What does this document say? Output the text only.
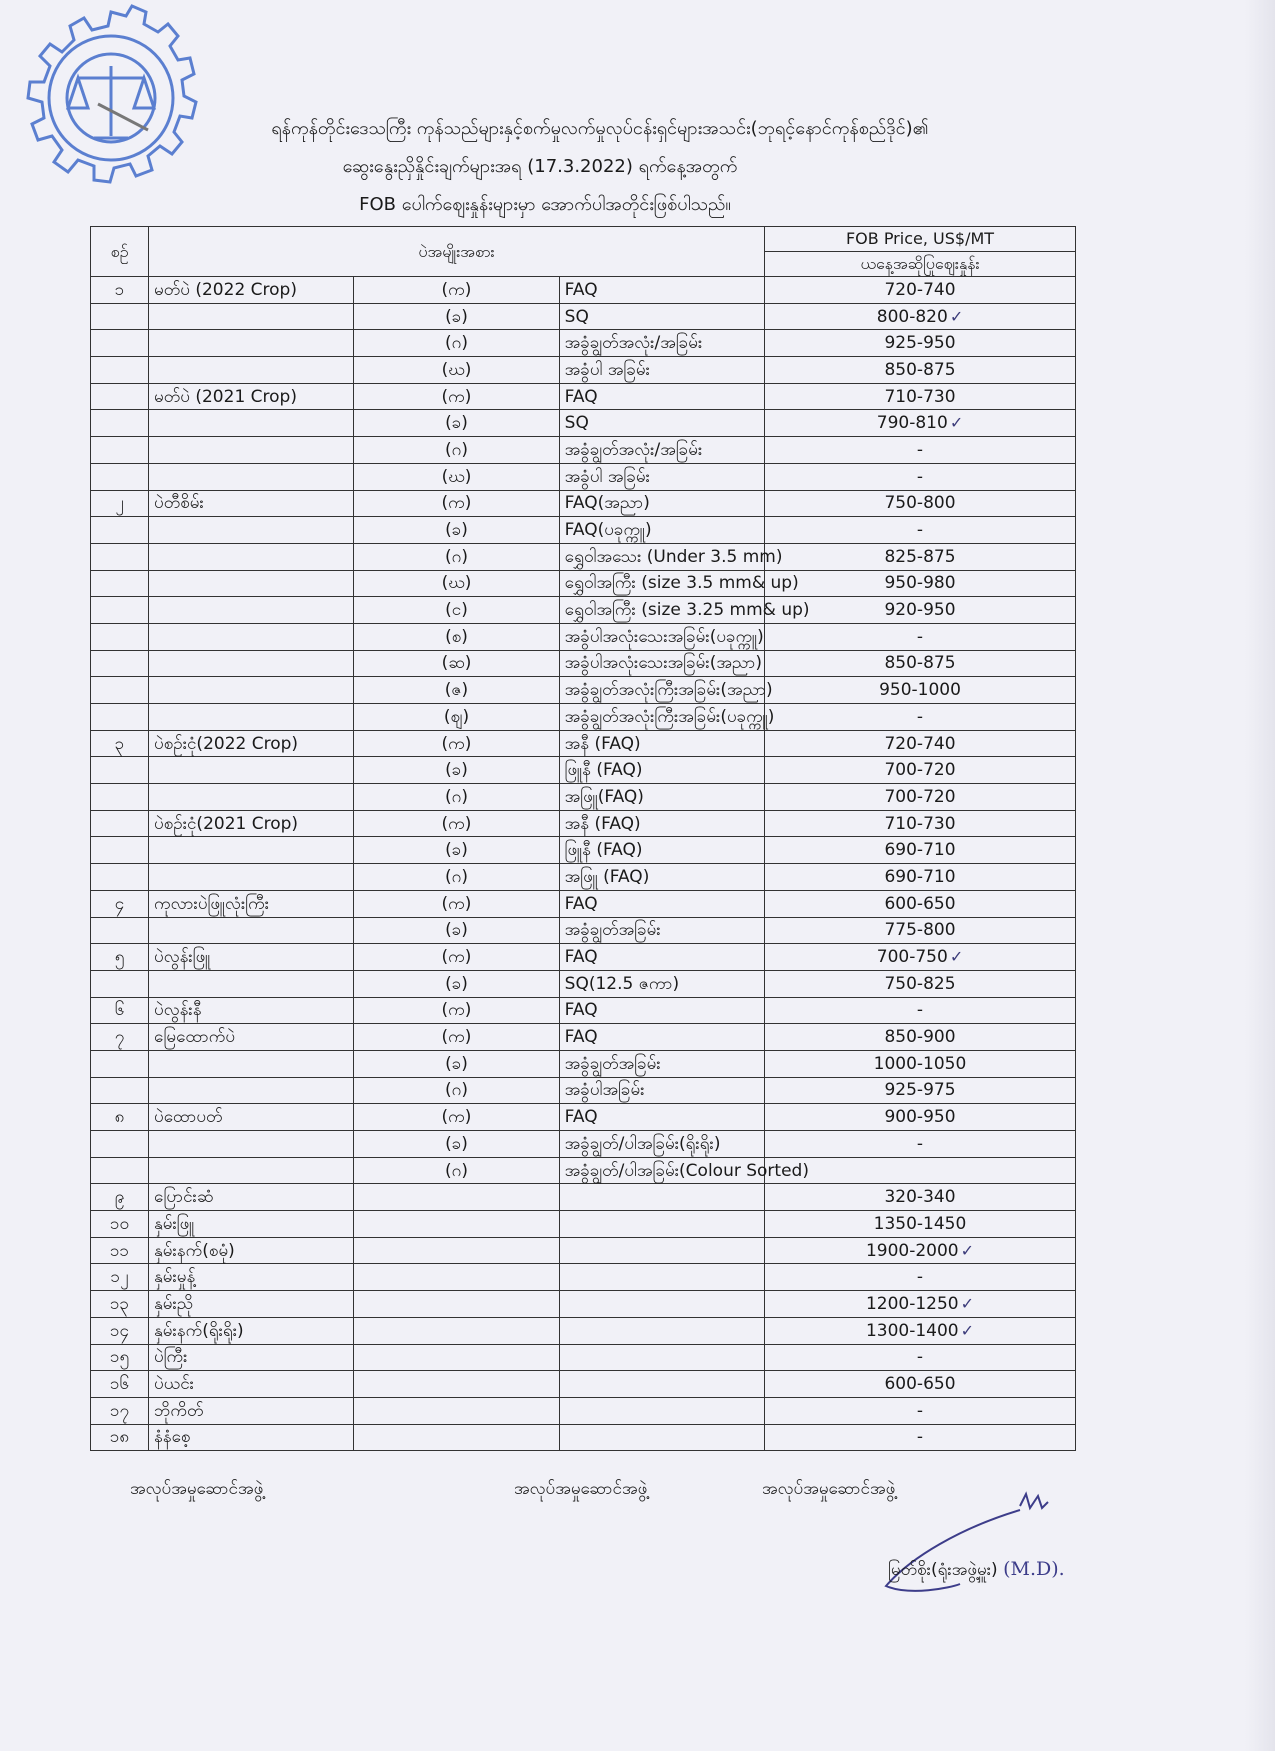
ရန်ကုန်တိုင်းဒေသကြီး ကုန်သည်များနှင့်စက်မှုလက်မှုလုပ်ငန်းရှင်များအသင်း(ဘုရင့်နောင်ကုန်စည်ဒိုင်)၏
ဆွေးနွေးညှိနှိုင်းချက်များအရ (17.3.2022) ရက်နေ့အတွက်
FOB ပေါက်ဈေးနှုန်းများမှာ အောက်ပါအတိုင်းဖြစ်ပါသည်။
စဉ်	ပဲအမျိုးအစား			FOB Price, US$/MT
				ယနေ့အဆိုပြုဈေးနှုန်း
၁	မတ်ပဲ (2022 Crop)	(က)	FAQ	720-740
		(ခ)	SQ	800-820 ✓
		(ဂ)	အခွံချွတ်အလုံး/အခြမ်း	925-950
		(ဃ)	အခွံပါ အခြမ်း	850-875
	မတ်ပဲ (2021 Crop)	(က)	FAQ	710-730
		(ခ)	SQ	790-810 ✓
		(ဂ)	အခွံချွတ်အလုံး/အခြမ်း	-
		(ဃ)	အခွံပါ အခြမ်း	-
၂	ပဲတီစိမ်း	(က)	FAQ(အညာ)	750-800
		(ခ)	FAQ(ပခုက္ကူ)	-
		(ဂ)	ရွှေဝါအသေး (Under 3.5 mm)	825-875
		(ဃ)	ရွှေဝါအကြီး (size 3.5 mm& up)	950-980
		(င)	ရွှေဝါအကြီး (size 3.25 mm& up)	920-950
		(စ)	အခွံပါအလုံးသေးအခြမ်း(ပခုက္ကူ)	-
		(ဆ)	အခွံပါအလုံးသေးအခြမ်း(အညာ)	850-875
		(ဇ)	အခွံချွတ်အလုံးကြီးအခြမ်း(အညာ)	950-1000
		(ဈ)	အခွံချွတ်အလုံးကြီးအခြမ်း(ပခုက္ကူ)	-
၃	ပဲစဉ်းငုံ(2022 Crop)	(က)	အနီ (FAQ)	720-740
		(ခ)	ဖြူနီ (FAQ)	700-720
		(ဂ)	အဖြူ(FAQ)	700-720
	ပဲစဉ်းငုံ(2021 Crop)	(က)	အနီ (FAQ)	710-730
		(ခ)	ဖြူနီ (FAQ)	690-710
		(ဂ)	အဖြူ (FAQ)	690-710
၄	ကုလားပဲဖြူလုံးကြီး	(က)	FAQ	600-650
		(ခ)	အခွံချွတ်အခြမ်း	775-800
၅	ပဲလွန်းဖြူ	(က)	FAQ	700-750 ✓
		(ခ)	SQ(12.5 ဇကာ)	750-825
၆	ပဲလွန်းနီ	(က)	FAQ	-
၇	မြေထောက်ပဲ	(က)	FAQ	850-900
		(ခ)	အခွံချွတ်အခြမ်း	1000-1050
		(ဂ)	အခွံပါအခြမ်း	925-975
၈	ပဲထောပတ်	(က)	FAQ	900-950
		(ခ)	အခွံချွတ်/ပါအခြမ်း(ရိုးရိုး)	-
		(ဂ)	အခွံချွတ်/ပါအခြမ်း(Colour Sorted)	
၉	ပြောင်းဆံ			320-340
၁၀	နှမ်းဖြူ			1350-1450
၁၁	နှမ်းနက်(စမုံ)			1900-2000 ✓
၁၂	နှမ်းမှုန့်			-
၁၃	နှမ်းညို			1200-1250 ✓
၁၄	နှမ်းနက်(ရိုးရိုး)			1300-1400 ✓
၁၅	ပဲကြီး			-
၁၆	ပဲယင်း			600-650
၁၇	ဘိုကိတ်			-
၁၈	နံနံစေ့			-
အလုပ်အမှုဆောင်အဖွဲ့	အလုပ်အမှုဆောင်အဖွဲ့	အလုပ်အမှုဆောင်အဖွဲ့
မြတ်စိုး(ရုံးအဖွဲ့မှူး) (M.D).
